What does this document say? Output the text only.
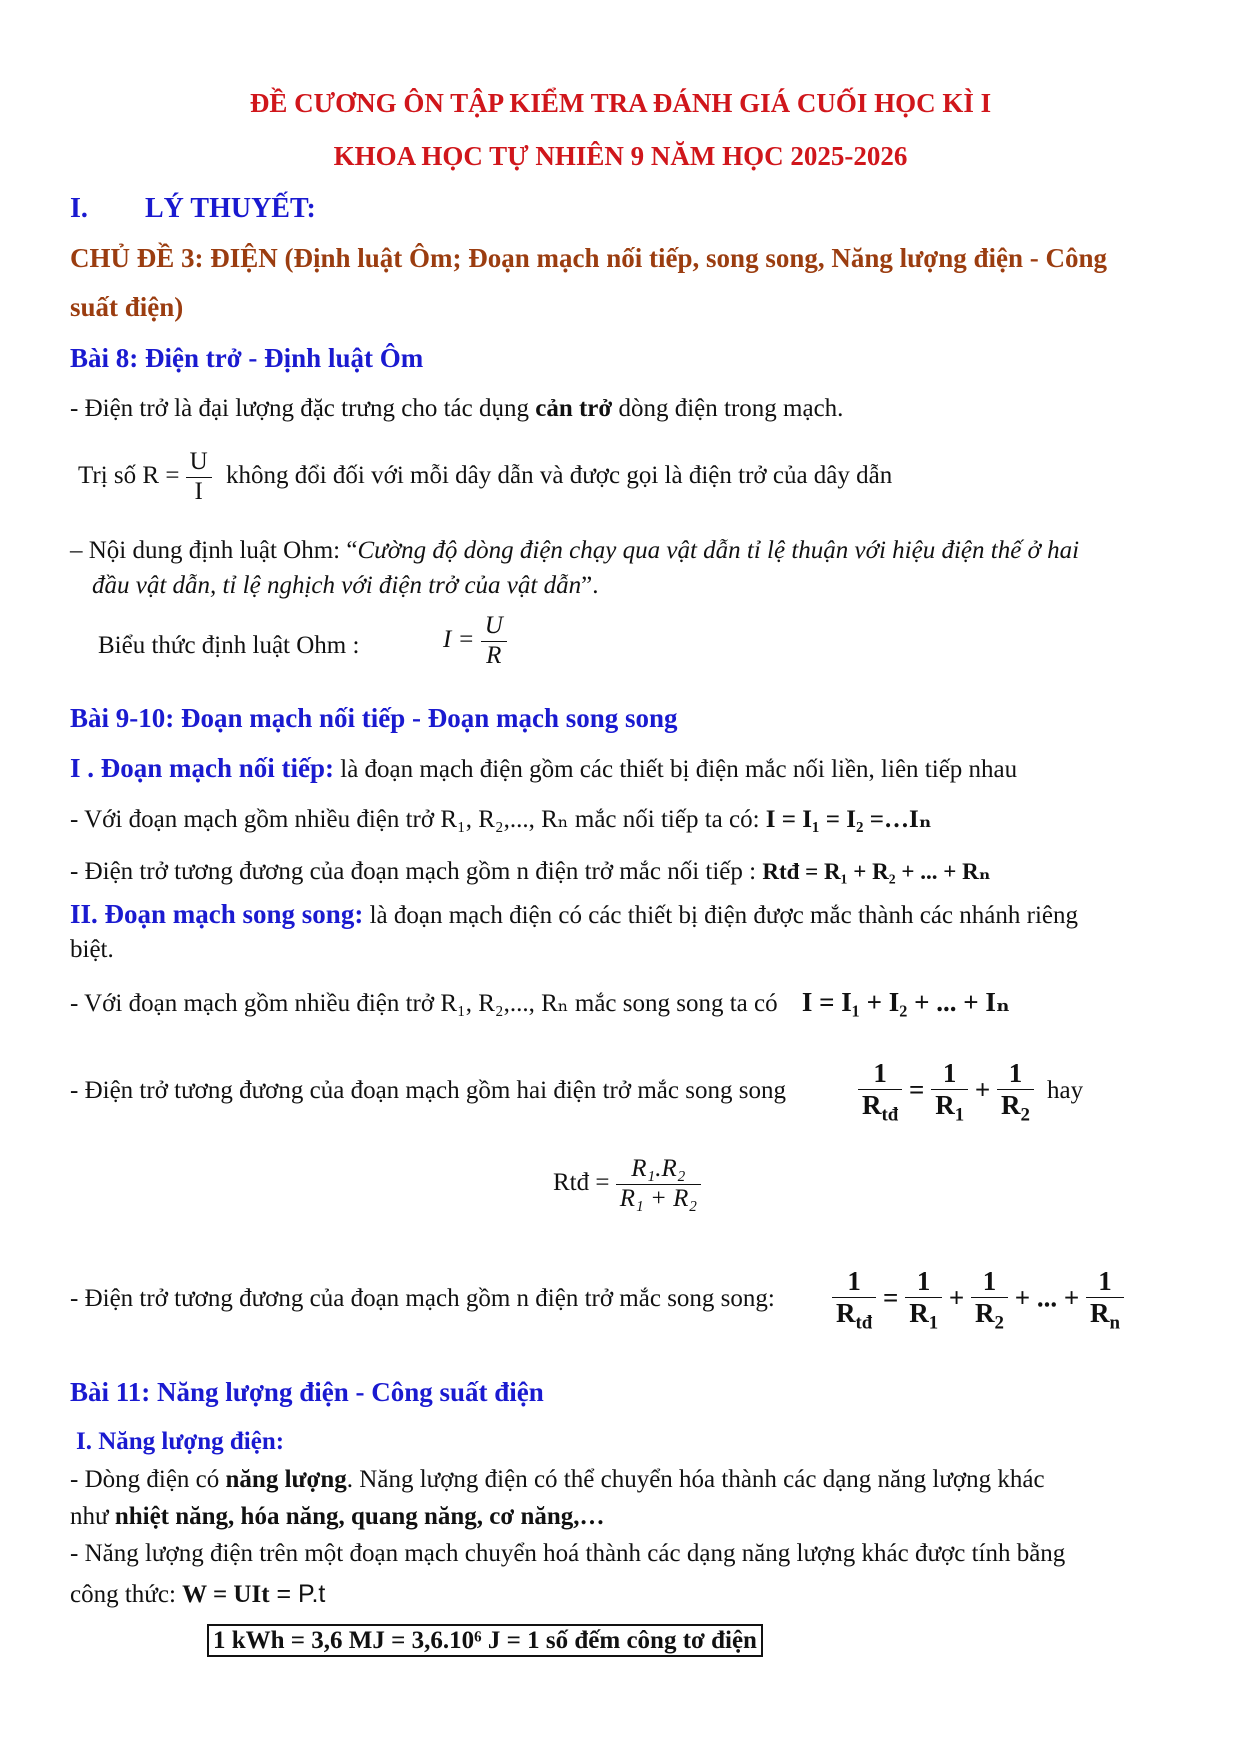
ĐỀ CƯƠNG ÔN TẬP KIỂM TRA ĐÁNH GIÁ CUỐI HỌC KÌ I
KHOA HỌC TỰ NHIÊN 9 NĂM HỌC 2025-2026
I. LÝ THUYẾT:
CHỦ ĐỀ 3: ĐIỆN (Định luật Ôm; Đoạn mạch nối tiếp, song song, Năng lượng điện - Công
suất điện)
Bài 8: Điện trở - Định luật Ôm
- Điện trở là đại lượng đặc trưng cho tác dụng cản trở dòng điện trong mạch.
Trị số $R = \frac{U}{I}$ không đổi đối với mỗi dây dẫn và được gọi là điện trở của dây dẫn
– Nội dung định luật Ohm: “Cường độ dòng điện chạy qua vật dẫn tỉ lệ thuận với hiệu điện thế ở hai
đầu vật dẫn, tỉ lệ nghịch với điện trở của vật dẫn”.
Biểu thức định luật Ohm :	$I = \frac{U}{R}$
Bài 9-10: Đoạn mạch nối tiếp - Đoạn mạch song song
I . Đoạn mạch nối tiếp: là đoạn mạch điện gồm các thiết bị điện mắc nối liền, liên tiếp nhau
- Với đoạn mạch gồm nhiều điện trở R₁, R₂,..., Rₙ mắc nối tiếp ta có: I = I₁ = I₂ =…Iₙ
- Điện trở tương đương của đoạn mạch gồm n điện trở mắc nối tiếp : Rtđ = R₁ + R₂ + ... + Rₙ
II. Đoạn mạch song song: là đoạn mạch điện có các thiết bị điện được mắc thành các nhánh riêng
biệt.
- Với đoạn mạch gồm nhiều điện trở R₁, R₂,..., Rₙ mắc song song ta có I = I₁ + I₂ + ... + Iₙ
- Điện trở tương đương của đoạn mạch gồm hai điện trở mắc song song	$\frac{1}{R_{tđ}} = \frac{1}{R_1} + \frac{1}{R_2}$ hay
Rtđ = $\frac{\text{R₁.R₂}}{\text{R₁ + R₂}}$
- Điện trở tương đương của đoạn mạch gồm n điện trở mắc song song: $\frac{1}{R_{tđ}} = \frac{1}{R_1} + \frac{1}{R_2}$ + ... + $\frac{1}{R_n}$
Bài 11: Năng lượng điện - Công suất điện
I. Năng lượng điện:
- Dòng điện có năng lượng. Năng lượng điện có thể chuyển hóa thành các dạng năng lượng khác
như nhiệt năng, hóa năng, quang năng, cơ năng,…
- Năng lượng điện trên một đoạn mạch chuyển hoá thành các dạng năng lượng khác được tính bằng
công thức: W = UIt = P.t
1 kWh = 3,6 MJ = 3,6.10⁶ J = 1 số đếm công tơ điện
